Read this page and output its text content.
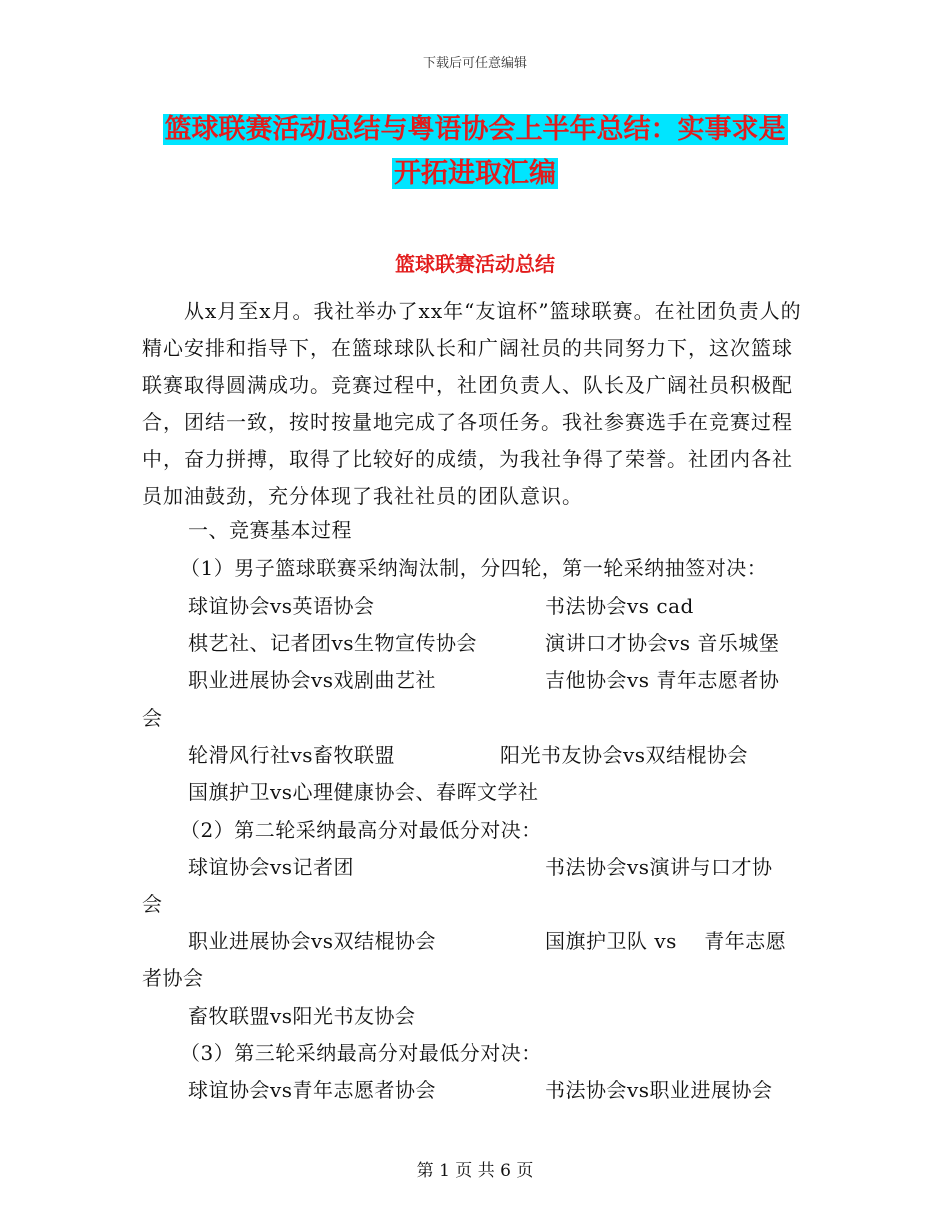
下载后可任意编辑
篮球联赛活动总结与粤语协会上半年总结：实事求是
开拓进取汇编
篮球联赛活动总结

从x月至x月。我社举办了xx年“友谊杯”篮球联赛。在社团负责人的精心安排和指导下，在篮球球队长和广阔社员的共同努力下，这次篮球联赛取得圆满成功。竞赛过程中，社团负责人、队长及广阔社员积极配合，团结一致，按时按量地完成了各项任务。我社参赛选手在竞赛过程中，奋力拼搏，取得了比较好的成绩，为我社争得了荣誉。社团内各社员加油鼓劲，充分体现了我社社员的团队意识。

一、竞赛基本过程
（1）男子篮球联赛采纳淘汰制，分四轮，第一轮采纳抽签对决：
球谊协会vs英语协会	书法协会vs cad
棋艺社、记者团vs生物宣传协会	演讲口才协会vs 音乐城堡
职业进展协会vs戏剧曲艺社	吉他协会vs 青年志愿者协
会
轮滑风行社vs畜牧联盟	阳光书友协会vs双结棍协会
国旗护卫vs心理健康协会、春晖文学社
（2）第二轮采纳最高分对最低分对决：
球谊协会vs记者团	书法协会vs演讲与口才协
会
职业进展协会vs双结棍协会	国旗护卫队 vs　 青年志愿
者协会
畜牧联盟vs阳光书友协会
（3）第三轮采纳最高分对最低分对决：
球谊协会vs青年志愿者协会	书法协会vs职业进展协会
第 1 页 共 6 页
